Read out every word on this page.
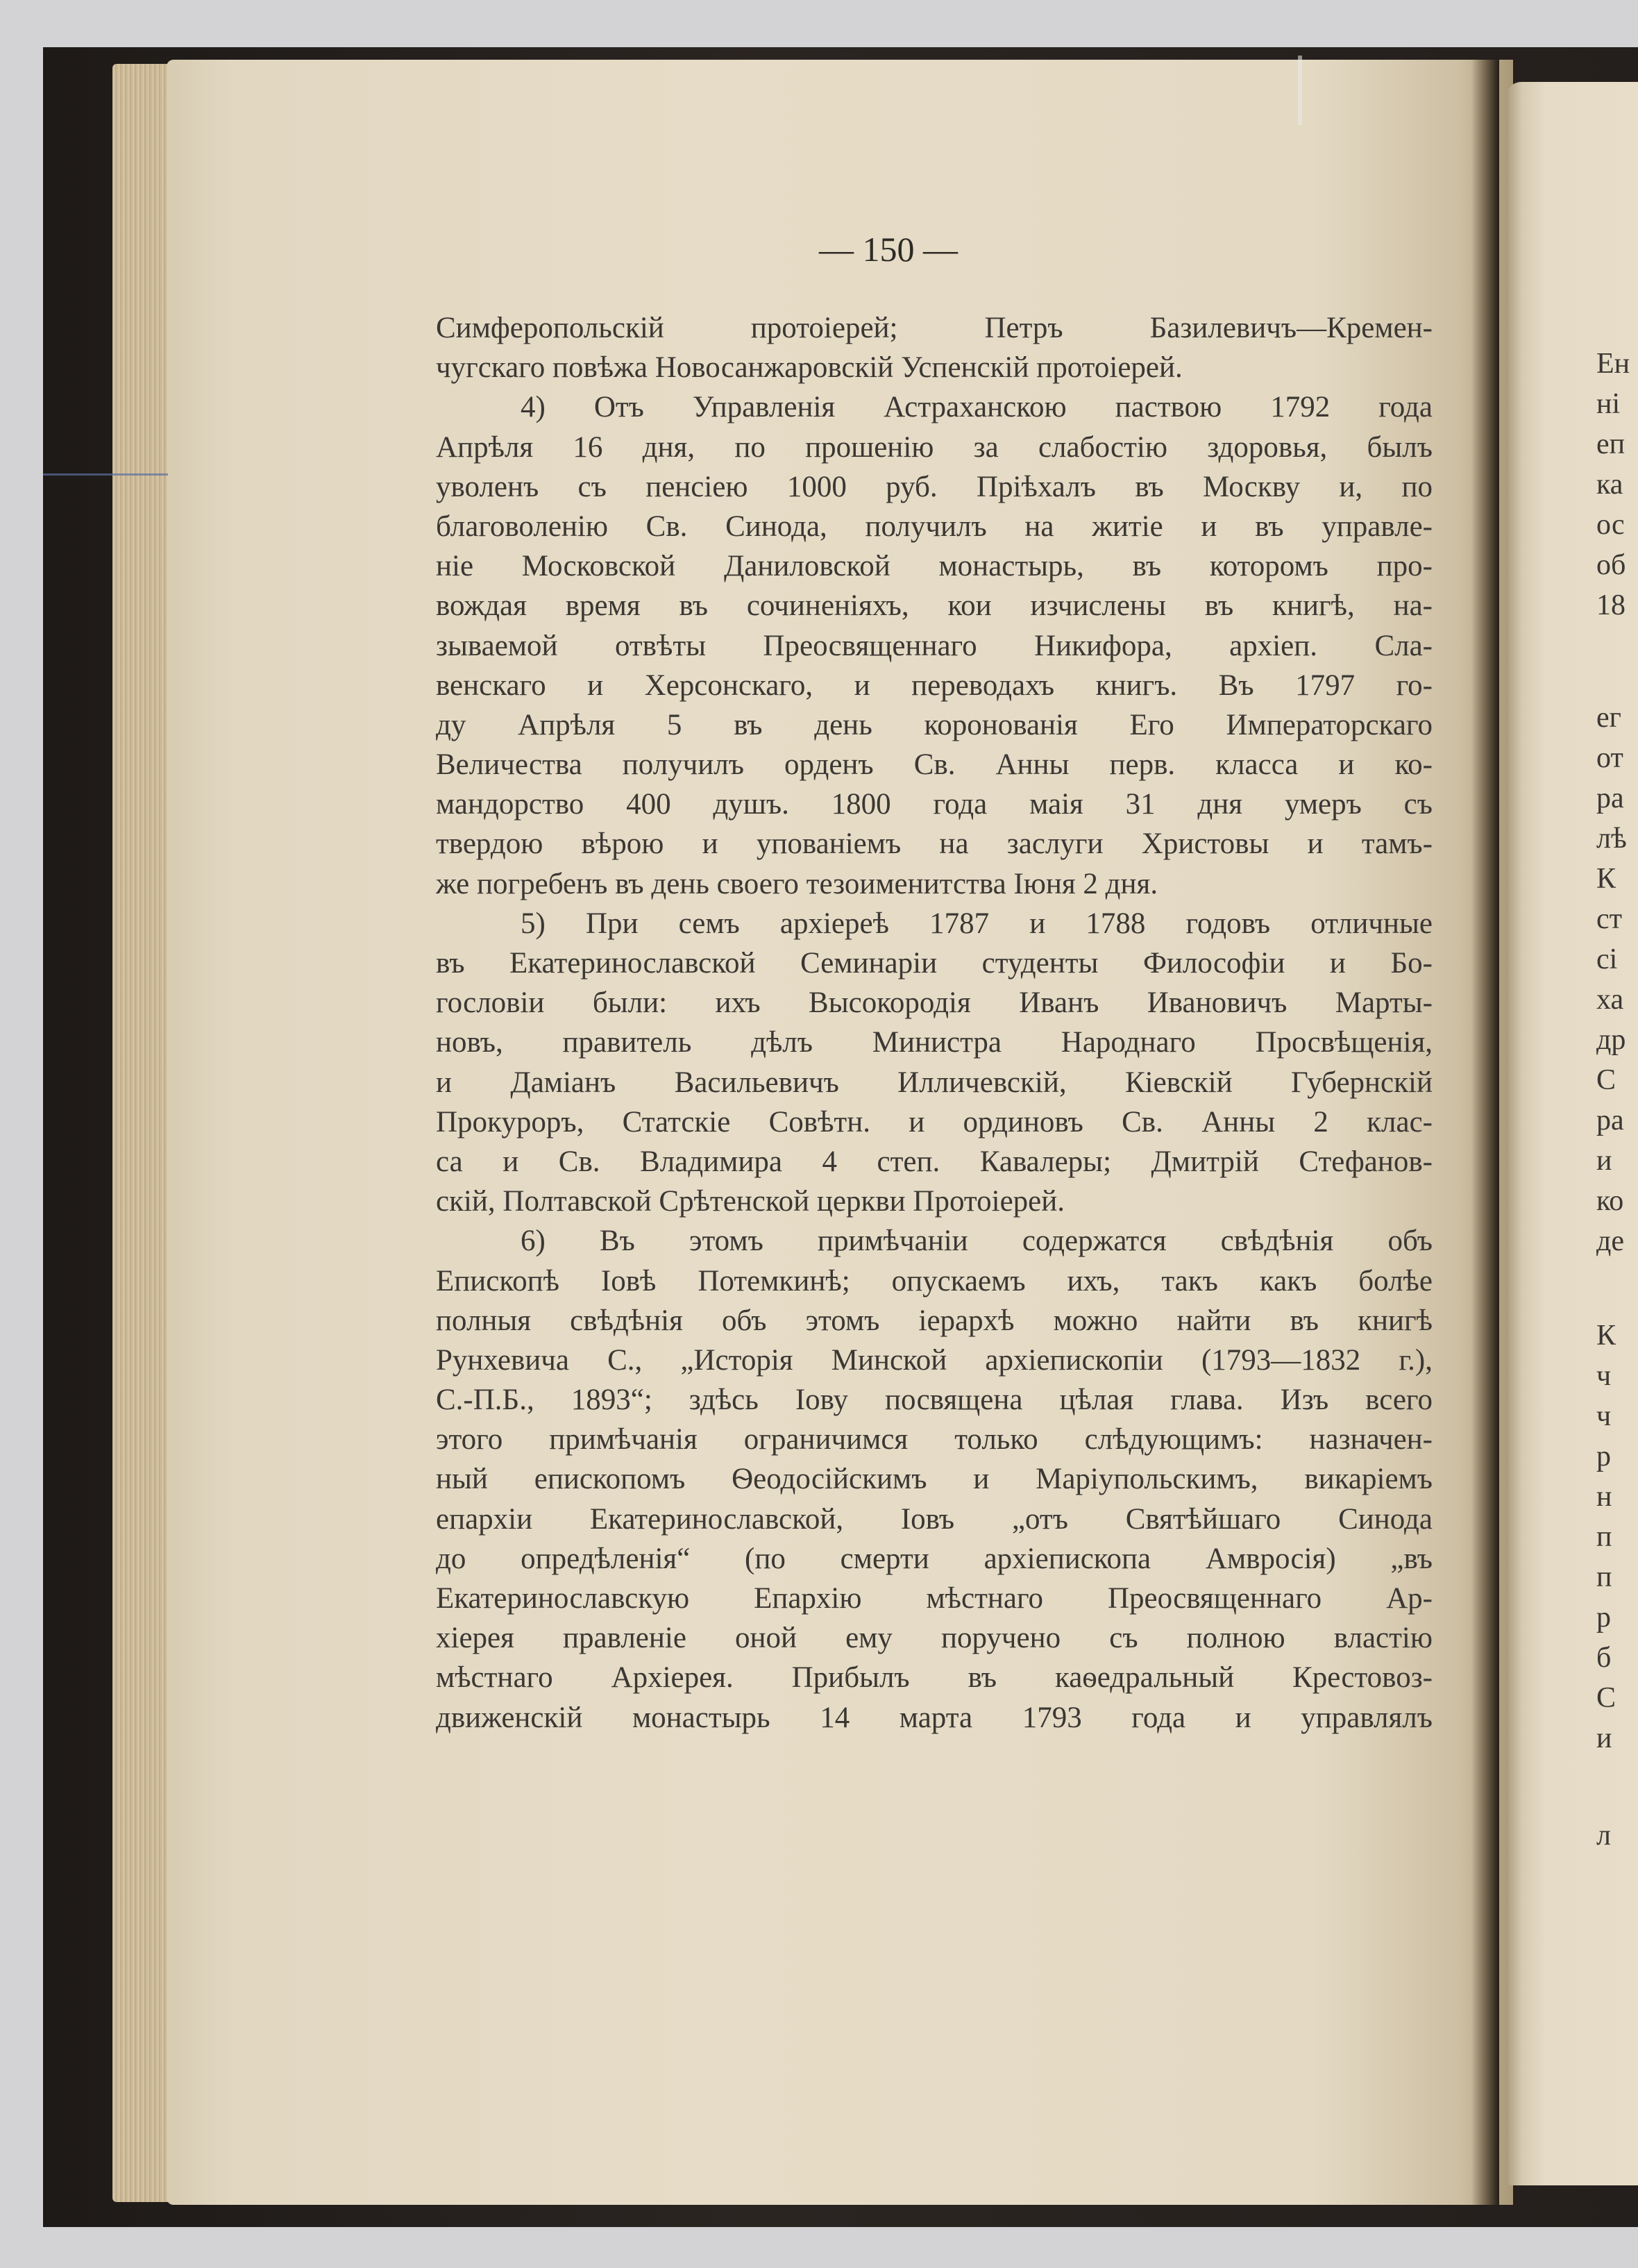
— 150 —
Симферопольскій протоіерей; Петръ Базилевичъ—Кремен-
чугскаго повѣжа Новосанжаровскій Успенскій протоіерей.
4) Отъ Управленія Астраханскою паствою 1792 года
Апрѣля 16 дня, по прошенію за слабостію здоровья, былъ
уволенъ съ пенсіею 1000 руб. Пріѣхалъ въ Москву и, по
благоволенію Св. Синода, получилъ на житіе и въ управле-
ніе Московской Даниловской монастырь, въ которомъ про-
вождая время въ сочиненіяхъ, кои изчислены въ книгѣ, на-
зываемой отвѣты Преосвященнаго Никифора, архіеп. Сла-
венскаго и Херсонскаго, и переводахъ книгъ. Въ 1797 го-
ду Апрѣля 5 въ день коронованія Его Императорскаго
Величества получилъ орденъ Св. Анны перв. класса и ко-
мандорство 400 душъ. 1800 года маія 31 дня умеръ съ
твердою вѣрою и упованіемъ на заслуги Христовы и тамъ-
же погребенъ въ день своего тезоименитства Іюня 2 дня.
5) При семъ архіереѣ 1787 и 1788 годовъ отличные
въ Екатеринославской Семинаріи студенты Философіи и Бо-
гословіи были: ихъ Высокородія Иванъ Ивановичъ Марты-
новъ, правитель дѣлъ Министра Народнаго Просвѣщенія,
и Даміанъ Васильевичъ Илличевскій, Кіевскій Губернскій
Прокуроръ, Статскіе Совѣтн. и ординовъ Св. Анны 2 клас-
са и Св. Владимира 4 степ. Кавалеры; Дмитрій Стефанов-
скій, Полтавской Срѣтенской церкви Протоіерей.
6) Въ этомъ примѣчаніи содержатся свѣдѣнія объ
Епископѣ Іовѣ Потемкинѣ; опускаемъ ихъ, такъ какъ болѣе
полныя свѣдѣнія объ этомъ іерархѣ можно найти въ книгѣ
Рунхевича С., „Исторія Минской архіепископіи (1793—1832 г.),
С.-П.Б., 1893“; здѣсь Іову посвящена цѣлая глава. Изъ всего
этого примѣчанія ограничимся только слѣдующимъ: назначен-
ный епископомъ Ѳеодосійскимъ и Маріупольскимъ, викаріемъ
епархіи Екатеринославской, Іовъ „отъ Святѣйшаго Синода
до опредѣленія“ (по смерти архіепископа Амвросія) „въ
Екатеринославскую Епархію мѣстнаго Преосвященнаго Ар-
хіерея правленіе оной ему поручено съ полною властію
мѣстнаго Архіерея. Прибылъ въ каѳедральный Крестовоз-
движенскій монастырь 14 марта 1793 года и управлялъ
Ен
ні
еп
ка
ос
об
18
ег
от
ра
лѣ
К
ст
сі
ха
др
С
ра
и
ко
де
К
ч
ч
р
н
п
п
р
б
С
и
л
